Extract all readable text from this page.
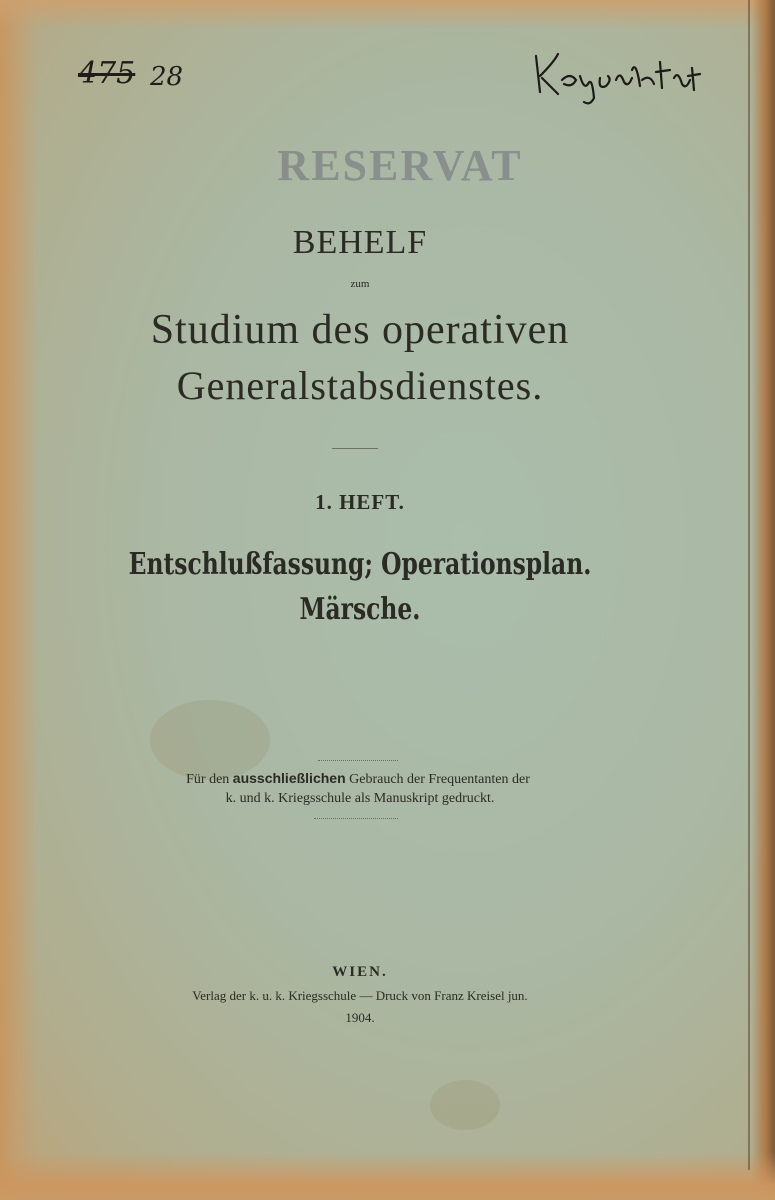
475 28
RESERVAT
BEHELF
zum
Studium des operativen
Generalstabsdienstes.
1. HEFT.
Entschlußfassung; Operationsplan.
Märsche.
Für den ausschließlichen Gebrauch der Frequentanten der
k. und k. Kriegsschule als Manuskript gedruckt.
WIEN.
Verlag der k. u. k. Kriegsschule — Druck von Franz Kreisel jun.
1904.
